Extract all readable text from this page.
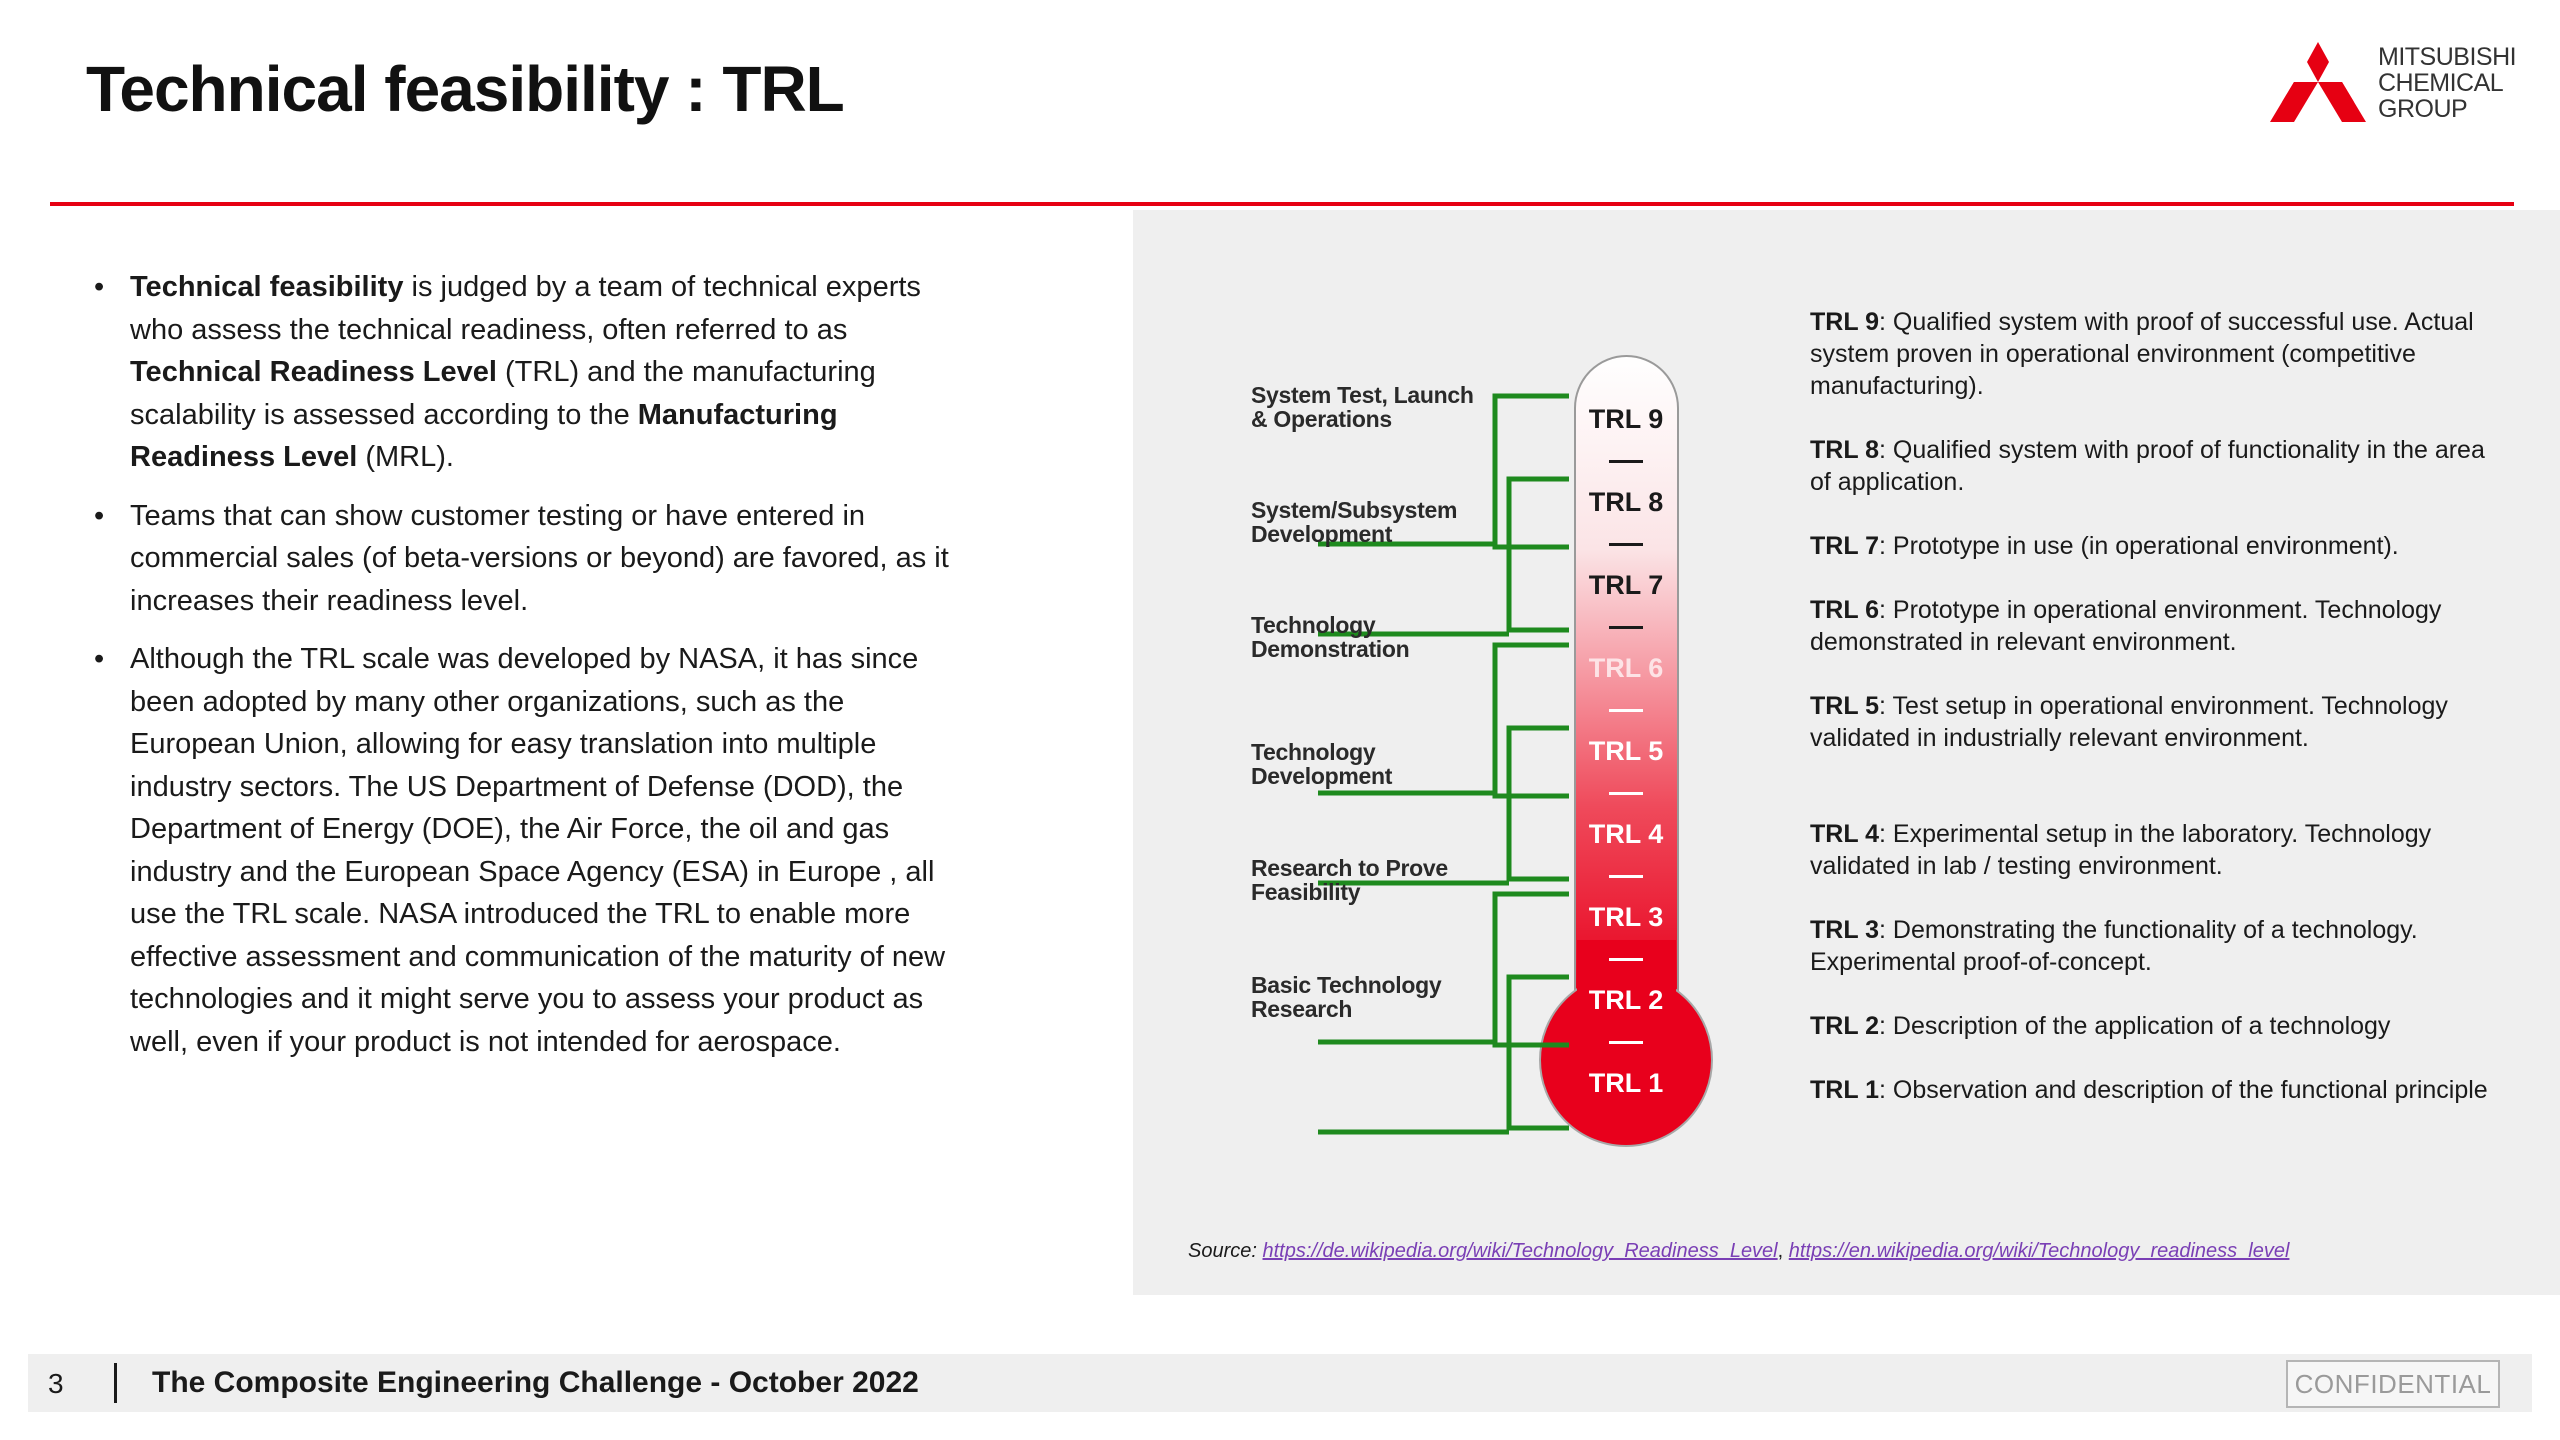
Technical feasibility : TRL	MITSUBISHI
CHEMICAL
GROUP
• Technical feasibility is judged by a team of technical experts who assess the technical readiness, often referred to as Technical Readiness Level (TRL) and the manufacturing scalability is assessed according to the Manufacturing Readiness Level (MRL).
• Teams that can show customer testing or have entered in commercial sales (of beta-versions or beyond) are favored, as it increases their readiness level.
• Although the TRL scale was developed by NASA, it has since been adopted by many other organizations, such as the European Union, allowing for easy translation into multiple industry sectors. The US Department of Defense (DOD), the Department of Energy (DOE), the Air Force, the oil and gas industry and the European Space Agency (ESA) in Europe , all use the TRL scale. NASA introduced the TRL to enable more effective assessment and communication of the maturity of new technologies and it might serve you to assess your product as well, even if your product is not intended for aerospace.
TRL 9
TRL 8
TRL 7
TRL 6
TRL 5
TRL 4
TRL 3
TRL 2
TRL 1
System Test, Launch
& Operations
System/Subsystem
Development
Technology
Demonstration
Technology
Development
Research to Prove
Feasibility
Basic Technology
Research
TRL 9: Qualified system with proof of successful use. Actual system proven in operational environment (competitive manufacturing).
TRL 8: Qualified system with proof of functionality in the area of application.
TRL 7: Prototype in use (in operational environment).
TRL 6: Prototype in operational environment. Technology demonstrated in relevant environment.
TRL 5: Test setup in operational environment. Technology validated in industrially relevant environment.
TRL 4: Experimental setup in the laboratory. Technology validated in lab / testing environment.
TRL 3: Demonstrating the functionality of a technology. Experimental proof-of-concept.
TRL 2: Description of the application of a technology
TRL 1: Observation and description of the functional principle
Source: https://de.wikipedia.org/wiki/Technology_Readiness_Level, https://en.wikipedia.org/wiki/Technology_readiness_level
3	The Composite Engineering Challenge - October 2022	CONFIDENTIAL
